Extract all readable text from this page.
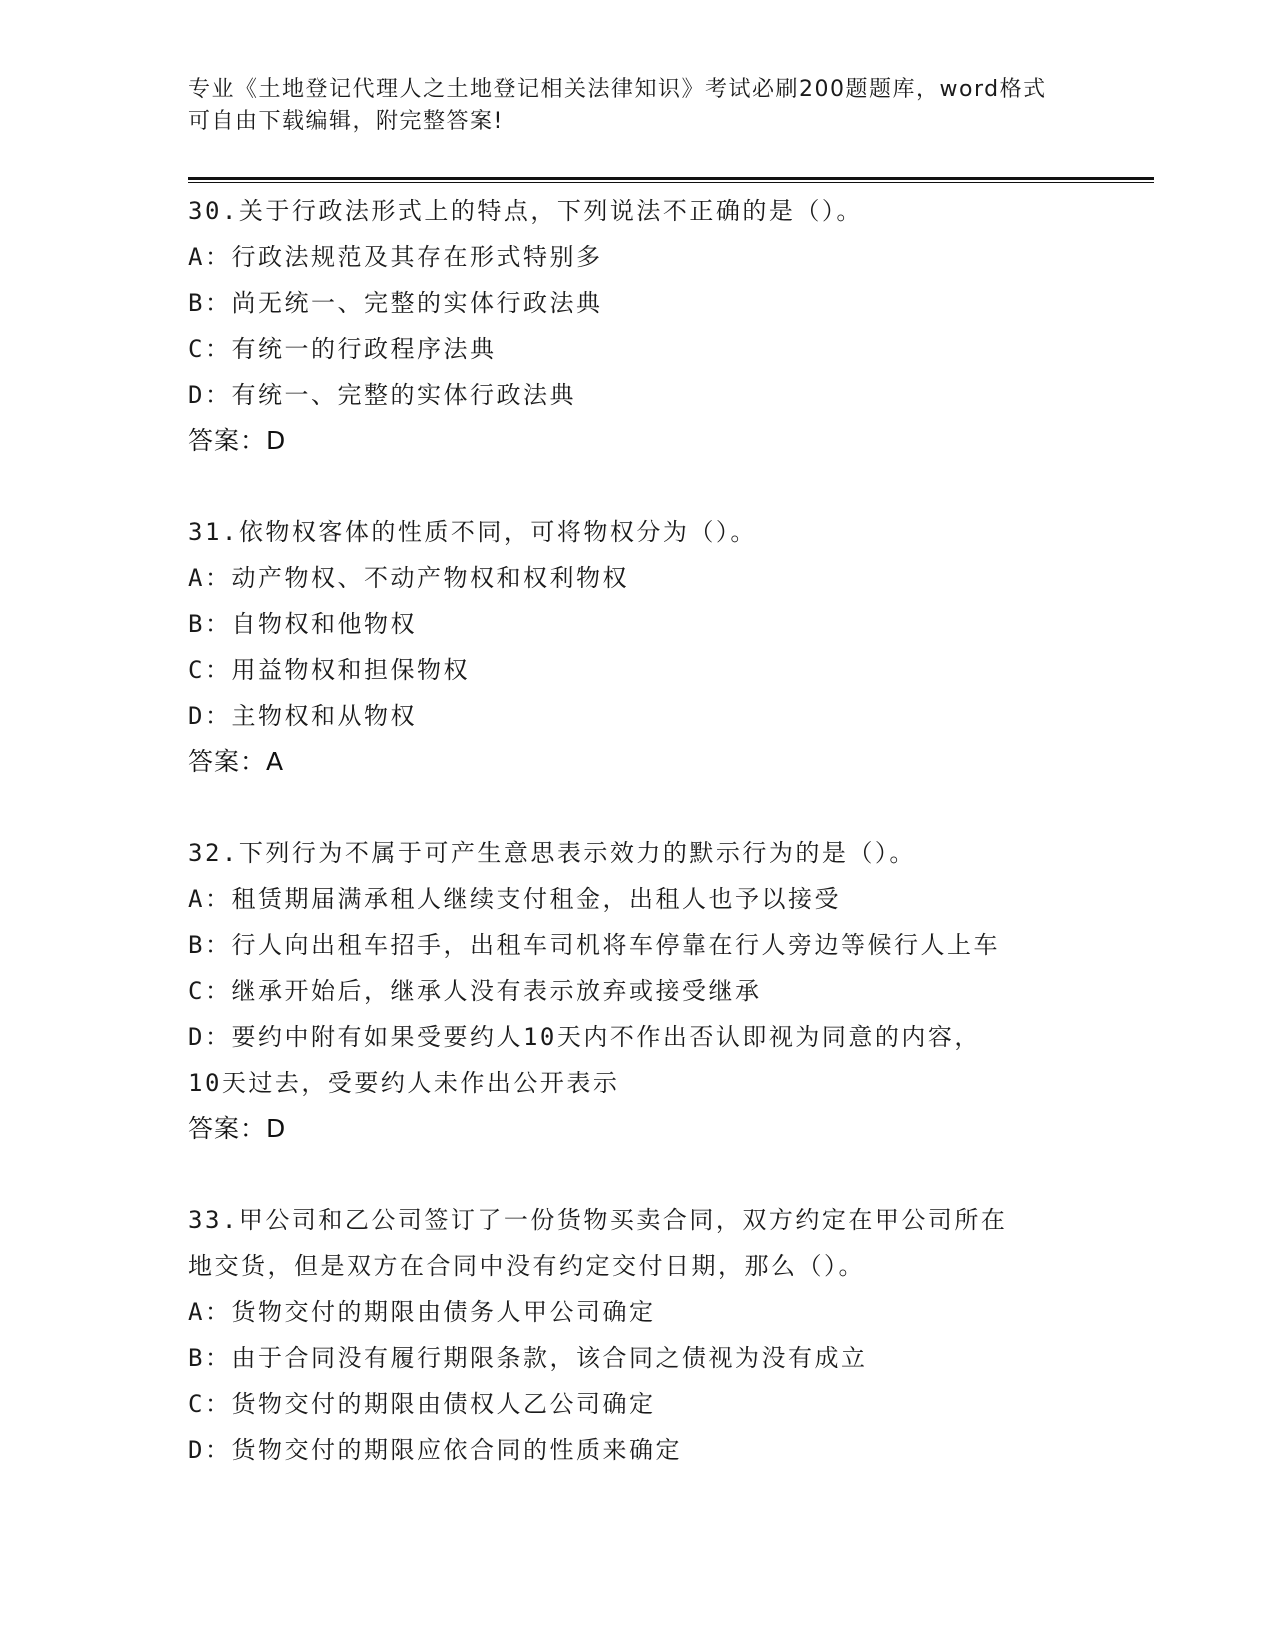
专业《土地登记代理人之土地登记相关法律知识》考试必刷200题题库，word格式可自由下载编辑，附完整答案!
30.关于行政法形式上的特点，下列说法不正确的是（）。
A：行政法规范及其存在形式特别多
B：尚无统一、完整的实体行政法典
C：有统一的行政程序法典
D：有统一、完整的实体行政法典
答案：D
31.依物权客体的性质不同，可将物权分为（）。
A：动产物权、不动产物权和权利物权
B：自物权和他物权
C：用益物权和担保物权
D：主物权和从物权
答案：A
32.下列行为不属于可产生意思表示效力的默示行为的是（）。
A：租赁期届满承租人继续支付租金，出租人也予以接受
B：行人向出租车招手，出租车司机将车停靠在行人旁边等候行人上车
C：继承开始后，继承人没有表示放弃或接受继承
D：要约中附有如果受要约人10天内不作出否认即视为同意的内容，
10天过去，受要约人未作出公开表示
答案：D
33.甲公司和乙公司签订了一份货物买卖合同，双方约定在甲公司所在
地交货，但是双方在合同中没有约定交付日期，那么（）。
A：货物交付的期限由债务人甲公司确定
B：由于合同没有履行期限条款，该合同之债视为没有成立
C：货物交付的期限由债权人乙公司确定
D：货物交付的期限应依合同的性质来确定
